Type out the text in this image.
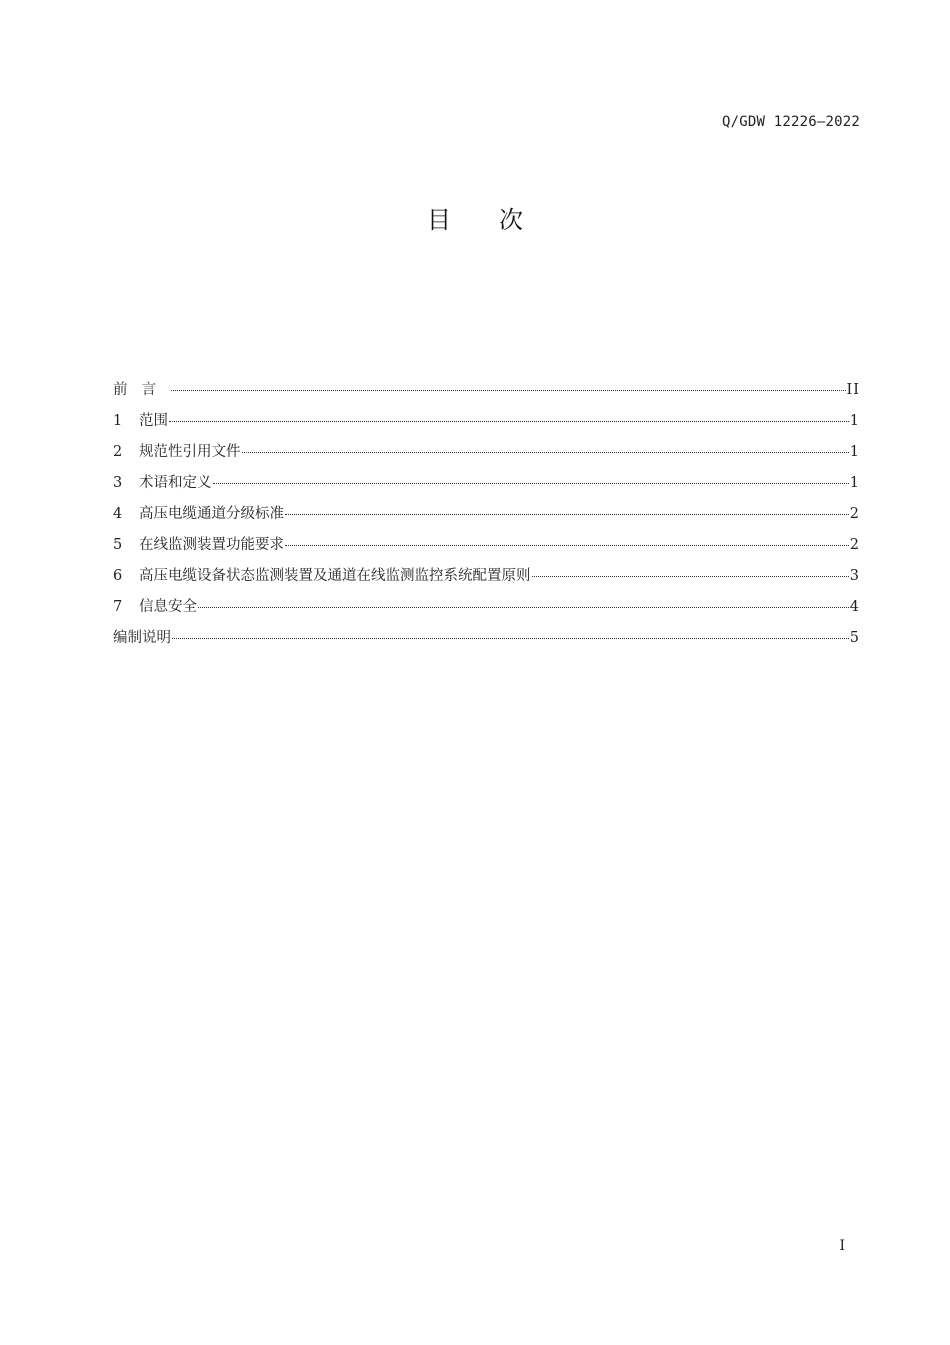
Q/GDW 12226—2022
目 次
前言	II
1	范围	1
2	规范性引用文件	1
3	术语和定义	1
4	高压电缆通道分级标准	2
5	在线监测装置功能要求	2
6	高压电缆设备状态监测装置及通道在线监测监控系统配置原则	3
7	信息安全	4
编制说明	5
I
